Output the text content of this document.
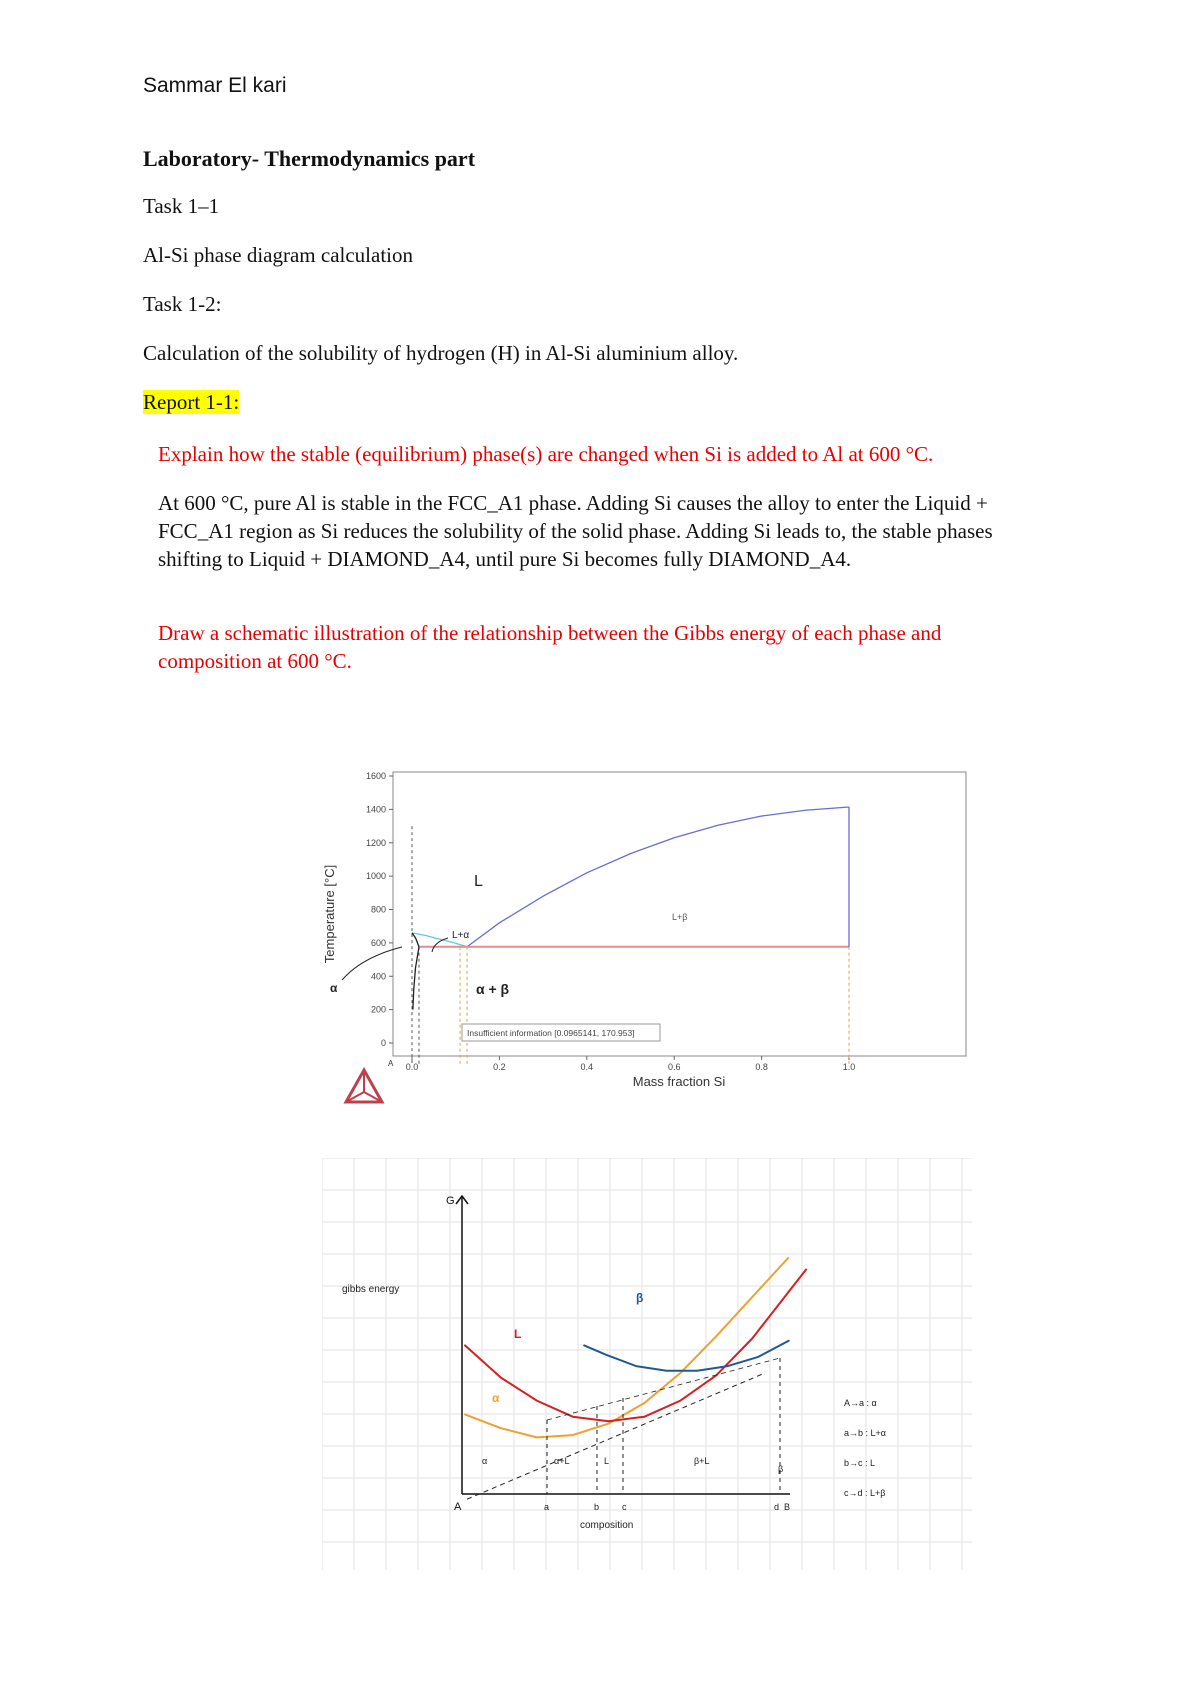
Sammar El kari

Laboratory- Thermodynamics part

Task 1–1

Al-Si phase diagram calculation

Task 1-2:

Calculation of the solubility of hydrogen (H) in Al-Si aluminium alloy.

Report 1-1:

Explain how the stable (equilibrium) phase(s) are changed when Si is added to Al at 600 °C.

At 600 °C, pure Al is stable in the FCC_A1 phase. Adding Si causes the alloy to enter the Liquid + FCC_A1 region as Si reduces the solubility of the solid phase. Adding Si leads to, the stable phases shifting to Liquid + DIAMOND_A4, until pure Si becomes fully DIAMOND_A4.

Draw a schematic illustration of the relationship between the Gibbs energy of each phase and composition at 600 °C.

0
200
400
600
800
1000
1200
1400
1600
0.0	0.2	0.4	0.6	0.8	1.0
Temperature [°C]
Mass fraction Si
A
L
L+α
L+β
α + β
α
Insufficient information [0.0965141, 170.953]
G
gibbs energy
A
composition
a	b	c	d B
L
α
β
α	α+L	L	β+L
β
A→a : α
a→b : L+α
b→c : L
c→d : L+β
